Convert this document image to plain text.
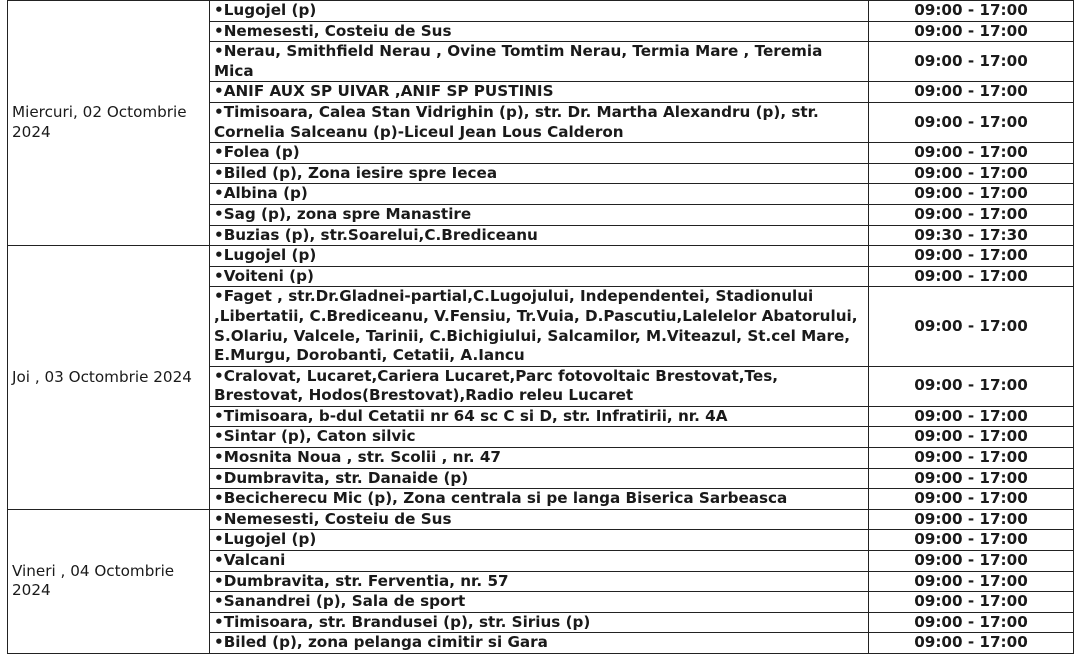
Miercuri, 02 Octombrie 2024	•Lugojel (p)	09:00 - 17:00
	•Nemesesti, Costeiu de Sus	09:00 - 17:00
	•Nerau, Smithfield Nerau , Ovine Tomtim Nerau, Termia Mare , Teremia Mica	09:00 - 17:00
	•ANIF AUX SP UIVAR ,ANIF SP PUSTINIS	09:00 - 17:00
	•Timisoara, Calea Stan Vidrighin (p), str. Dr. Martha Alexandru (p), str. Cornelia Salceanu (p)-Liceul Jean Lous Calderon	09:00 - 17:00
	•Folea (p)	09:00 - 17:00
	•Biled (p), Zona iesire spre Iecea	09:00 - 17:00
	•Albina (p)	09:00 - 17:00
	•Sag (p), zona spre Manastire	09:00 - 17:00
	•Buzias (p), str.Soarelui,C.Brediceanu	09:30 - 17:30
Joi , 03 Octombrie 2024	•Lugojel (p)	09:00 - 17:00
	•Voiteni (p)	09:00 - 17:00
	•Faget , str.Dr.Gladnei-partial,C.Lugojului, Independentei, Stadionului ,Libertatii, C.Brediceanu, V.Fensiu, Tr.Vuia, D.Pascutiu,Lalelelor Abatorului, S.Olariu, Valcele, Tarinii, C.Bichigiului, Salcamilor, M.Viteazul, St.cel Mare, E.Murgu, Dorobanti, Cetatii, A.Iancu	09:00 - 17:00
	•Cralovat, Lucaret,Cariera Lucaret,Parc fotovoltaic Brestovat,Tes, Brestovat, Hodos(Brestovat),Radio releu Lucaret	09:00 - 17:00
	•Timisoara, b-dul Cetatii nr 64 sc C si D, str. Infratirii, nr. 4A	09:00 - 17:00
	•Sintar (p), Caton silvic	09:00 - 17:00
	•Mosnita Noua , str. Scolii , nr. 47	09:00 - 17:00
	•Dumbravita, str. Danaide (p)	09:00 - 17:00
	•Becicherecu Mic (p), Zona centrala si pe langa Biserica Sarbeasca	09:00 - 17:00
Vineri , 04 Octombrie 2024	•Nemesesti, Costeiu de Sus	09:00 - 17:00
	•Lugojel (p)	09:00 - 17:00
	•Valcani	09:00 - 17:00
	•Dumbravita, str. Ferventia, nr. 57	09:00 - 17:00
	•Sanandrei (p), Sala de sport	09:00 - 17:00
	•Timisoara, str. Brandusei (p), str. Sirius (p)	09:00 - 17:00
	•Biled (p), zona pelanga cimitir si Gara	09:00 - 17:00
